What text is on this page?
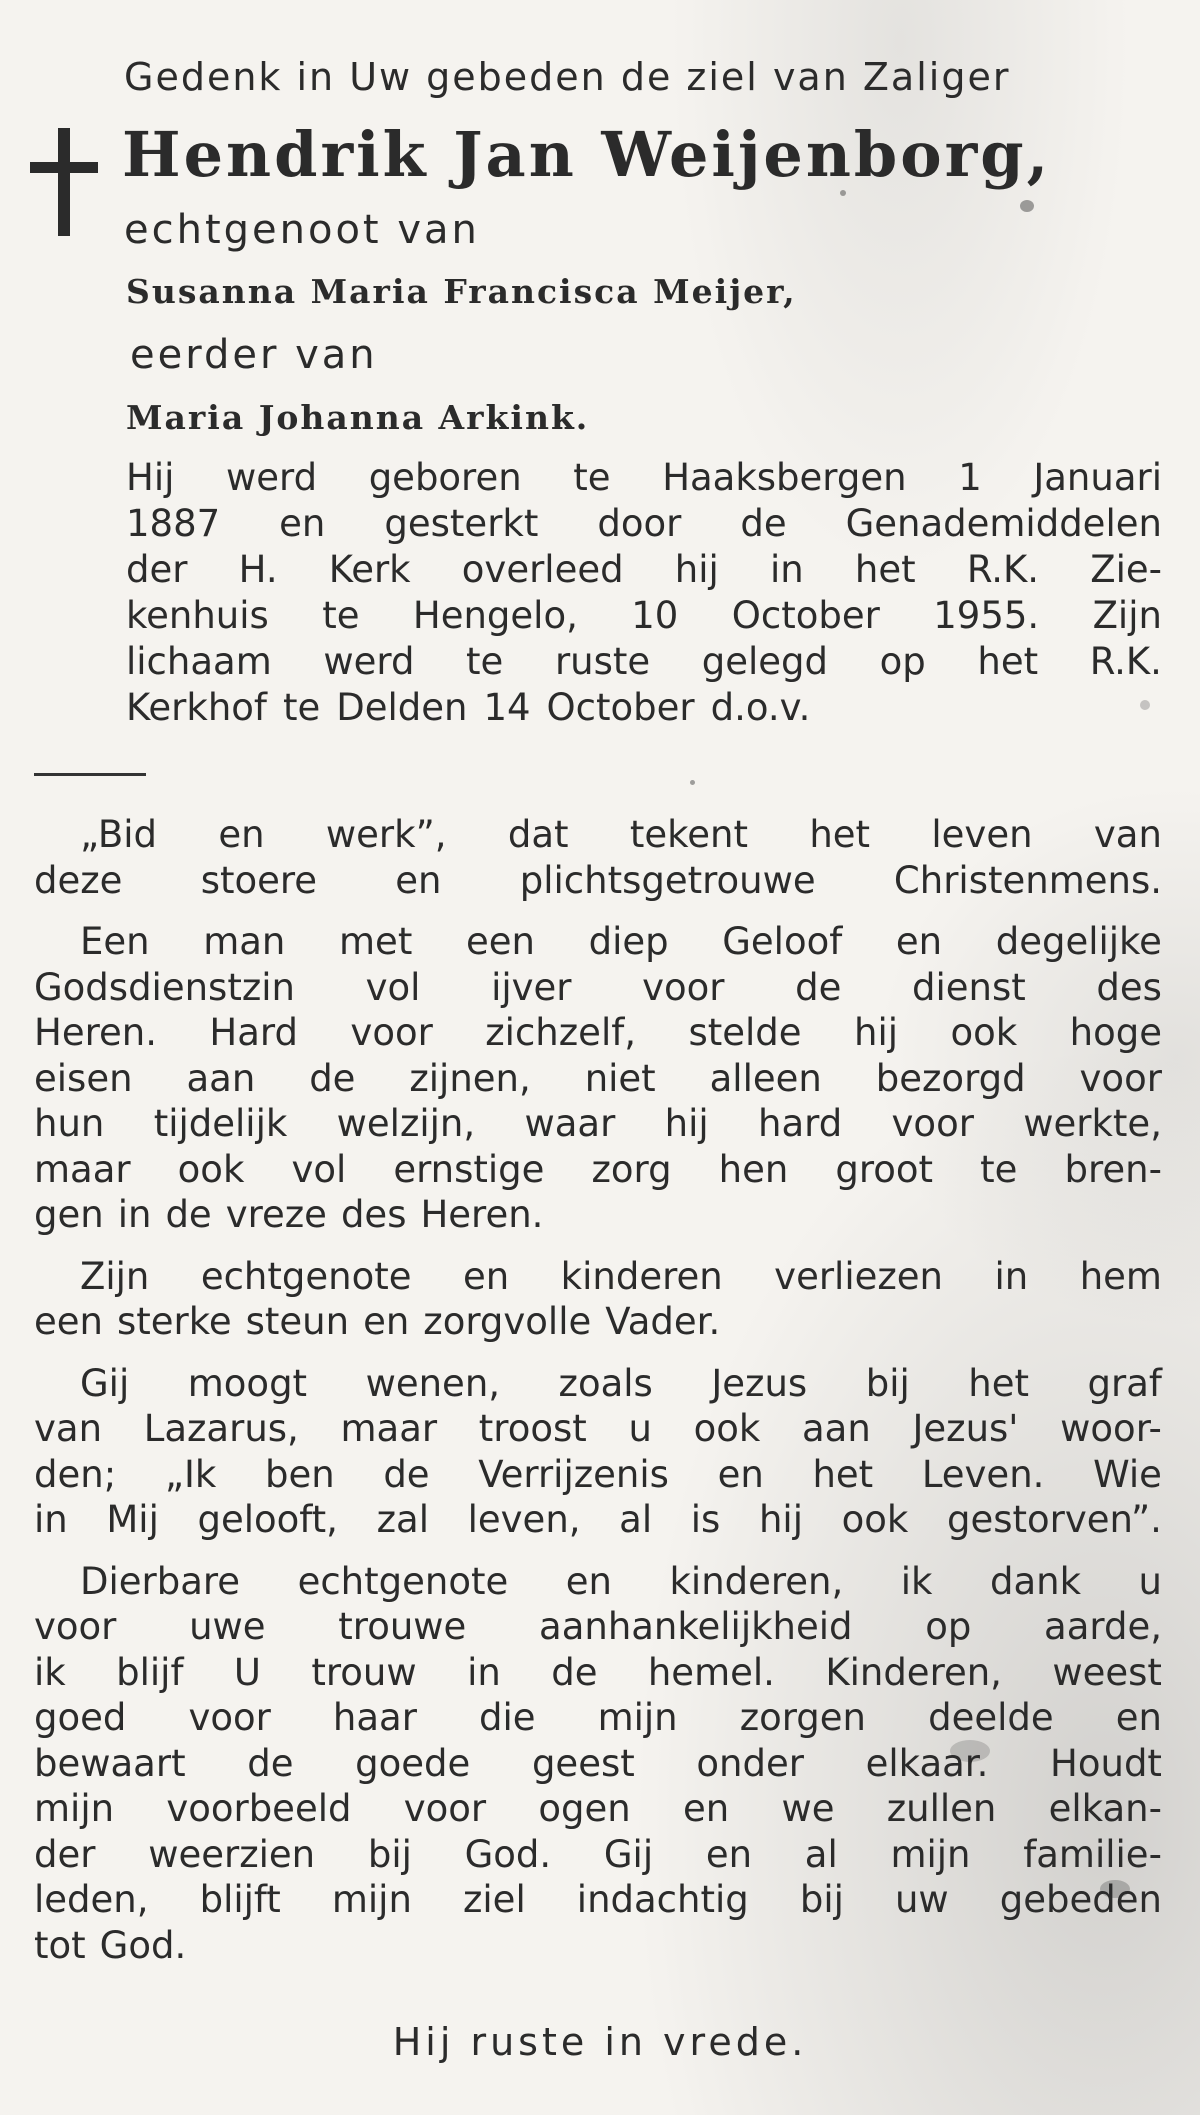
Gedenk in Uw gebeden de ziel van Zaliger
Hendrik Jan Weijenborg,
echtgenoot van
Susanna Maria Francisca Meijer,
eerder van
Maria Johanna Arkink.
Hij werd geboren te Haaksbergen 1 Januari
1887 en gesterkt door de Genademiddelen
der H. Kerk overleed hij in het R.K. Zie-
kenhuis te Hengelo, 10 October 1955. Zijn
lichaam werd te ruste gelegd op het R.K.
Kerkhof te Delden 14 October d.o.v.
„Bid en werk”, dat tekent het leven van
deze stoere en plichtsgetrouwe Christenmens.
Een man met een diep Geloof en degelijke
Godsdienstzin vol ijver voor de dienst des
Heren. Hard voor zichzelf, stelde hij ook hoge
eisen aan de zijnen, niet alleen bezorgd voor
hun tijdelijk welzijn, waar hij hard voor werkte,
maar ook vol ernstige zorg hen groot te bren-
gen in de vreze des Heren.
Zijn echtgenote en kinderen verliezen in hem
een sterke steun en zorgvolle Vader.
Gij moogt wenen, zoals Jezus bij het graf
van Lazarus, maar troost u ook aan Jezus' woor-
den; „Ik ben de Verrijzenis en het Leven. Wie
in Mij gelooft, zal leven, al is hij ook gestorven”.
Dierbare echtgenote en kinderen, ik dank u
voor uwe trouwe aanhankelijkheid op aarde,
ik blijf U trouw in de hemel. Kinderen, weest
goed voor haar die mijn zorgen deelde en
bewaart de goede geest onder elkaar. Houdt
mijn voorbeeld voor ogen en we zullen elkan-
der weerzien bij God. Gij en al mijn familie-
leden, blijft mijn ziel indachtig bij uw gebeden
tot God.
Hij ruste in vrede.
